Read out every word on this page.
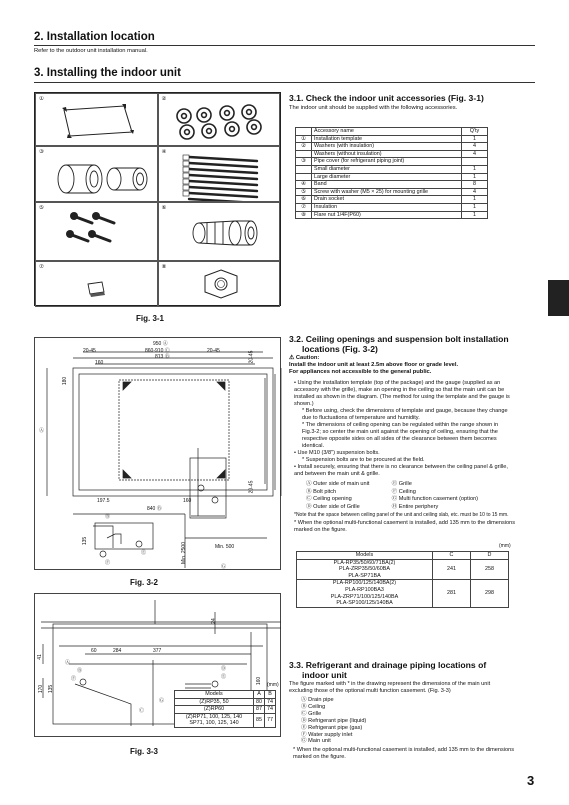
2. Installation location
Refer to the outdoor unit installation manual.
3. Installing the indoor unit
①	②
③	④
⑤	⑥
⑦	⑧
Fig. 3-1
3.1. Check the indoor unit accessories (Fig. 3-1)
The indoor unit should be supplied with the following accessories.
	Accessory name	Q'ty
①	Installation template	1
②	Washers (with insulation)	4
	Washers (without insulation)	4
③	Pipe cover (for refrigerant piping joint)	
	Small diameter	1
	Large diameter	1
④	Band	8
⑤	Screw with washer (M5 × 25) for mounting grille	4
⑥	Drain socket	1
⑦	Insulation	1
⑧	Flare nut 1/4F(P60)	1
950 Ⓐ
860-910 Ⓒ
813 Ⓑ
20-45	20-45
160
160
197.5
840 Ⓑ
180
20-45
20-45
135
Min. 2500	Min. 500
Ⓐ
Ⓑ
Ⓔ
Ⓕ
Ⓖ
Fig. 3-2
3.2. Ceiling openings and suspension bolt installation
locations (Fig. 3-2)
⚠ Caution:
Install the indoor unit at least 2.5m above floor or grade level.
For appliances not accessible to the general public.
• Using the installation template (top of the package) and the gauge (supplied as an accessory with the grille), make an opening in the ceiling so that the main unit can be installed as shown in the diagram. (The method for using the template and the gauge is shown.)
* Before using, check the dimensions of template and gauge, because they change due to fluctuations of temperature and humidity.
* The dimensions of ceiling opening can be regulated within the range shown in Fig.3-2; so center the main unit against the opening of ceiling, ensuring that the respective opposite sides on all sides of the clearance between them becomes identical.
• Use M10 (3/8") suspension bolts.
* Suspension bolts are to be procured at the field.
• Install securely, ensuring that there is no clearance between the ceiling panel & grille, and between the main unit & grille.
Ⓐ Outer side of main unit	Ⓔ Grille
Ⓑ Bolt pitch	Ⓕ Ceiling
Ⓒ Ceiling opening	Ⓖ Multi function casement (option)
Ⓓ Outer side of Grille	Ⓗ Entire periphery
*Note that the space between ceiling panel of the unit and ceiling slab, etc. must be 10 to 15 mm.
* When the optional multi-functional casement is installed, add 135 mm to the dimensions marked on the figure.
(mm)
Models	C	D

PLA-RP35/50/60/71BA(2)
PLA-ZRP35/50/60BA
PLA-SP71BA	241	258

PLA-RP100/125/140BA(2)
PLA-RP100BA3
PLA-ZRP71/100/125/140BA
PLA-SP100/125/140BA	281	298
60	284	377
41
170 135
160
24
Ⓐ
Ⓑ
Ⓒ
Ⓓ
Ⓔ
Ⓕ
Ⓖ
(mm)
Models	A	B
(Z)RP35, 50	80	74
(Z)RP60	87	74
(Z)RP71, 100, 125, 140
SP71, 100, 125, 140	85	77
Fig. 3-3
3.3. Refrigerant and drainage piping locations of
indoor unit
The figure marked with * in the drawing represent the dimensions of the main unit excluding those of the optional multi function casement. (Fig. 3-3)
Ⓐ Drain pipe
Ⓑ Ceiling
Ⓒ Grille
Ⓓ Refrigerant pipe (liquid)
Ⓔ Refrigerant pipe (gas)
Ⓕ Water supply inlet
Ⓖ Main unit
* When the optional multi-functional casement is installed, add 135 mm to the dimensions marked on the figure.
3
